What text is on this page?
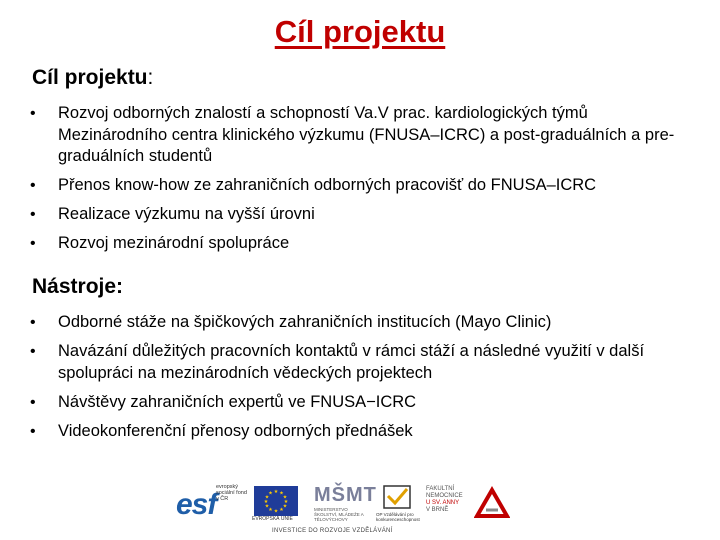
Cíl projektu
Cíl projektu:
• Rozvoj odborných znalostí a schopností Va.V prac. kardiologických týmů Mezinárodního centra klinického výzkumu (FNUSA–ICRC) a post-graduálních a pre-graduálních studentů
• Přenos know-how ze zahraničních odborných pracovišť do FNUSA–ICRC
• Realizace výzkumu na vyšší úrovni
• Rozvoj mezinárodní spolupráce
Nástroje:
• Odborné stáže na špičkových zahraničních institucích (Mayo Clinic)
• Navázání důležitých pracovních kontaktů v rámci stáží a následné využití v další spolupráci na mezinárodních vědeckých projektech
• Návštěvy zahraničních expertů ve FNUSA−ICRC
• Videokonferenční přenosy odborných přednášek
esf
evropský sociální fond v ČR
★ ★
★
★
★
★
★
★
★
★
★
★
EVROPSKÁ UNIE
MŠMT
MINISTERSTVO ŠKOLSTVÍ, MLÁDEŽE A TĚLOVÝCHOVY
OP Vzdělávání pro konkurenceschopnost
FAKULTNÍ
NEMOCNICE
U SV. ANNY
V BRNĚ
INVESTICE DO ROZVOJE VZDĚLÁVÁNÍ
